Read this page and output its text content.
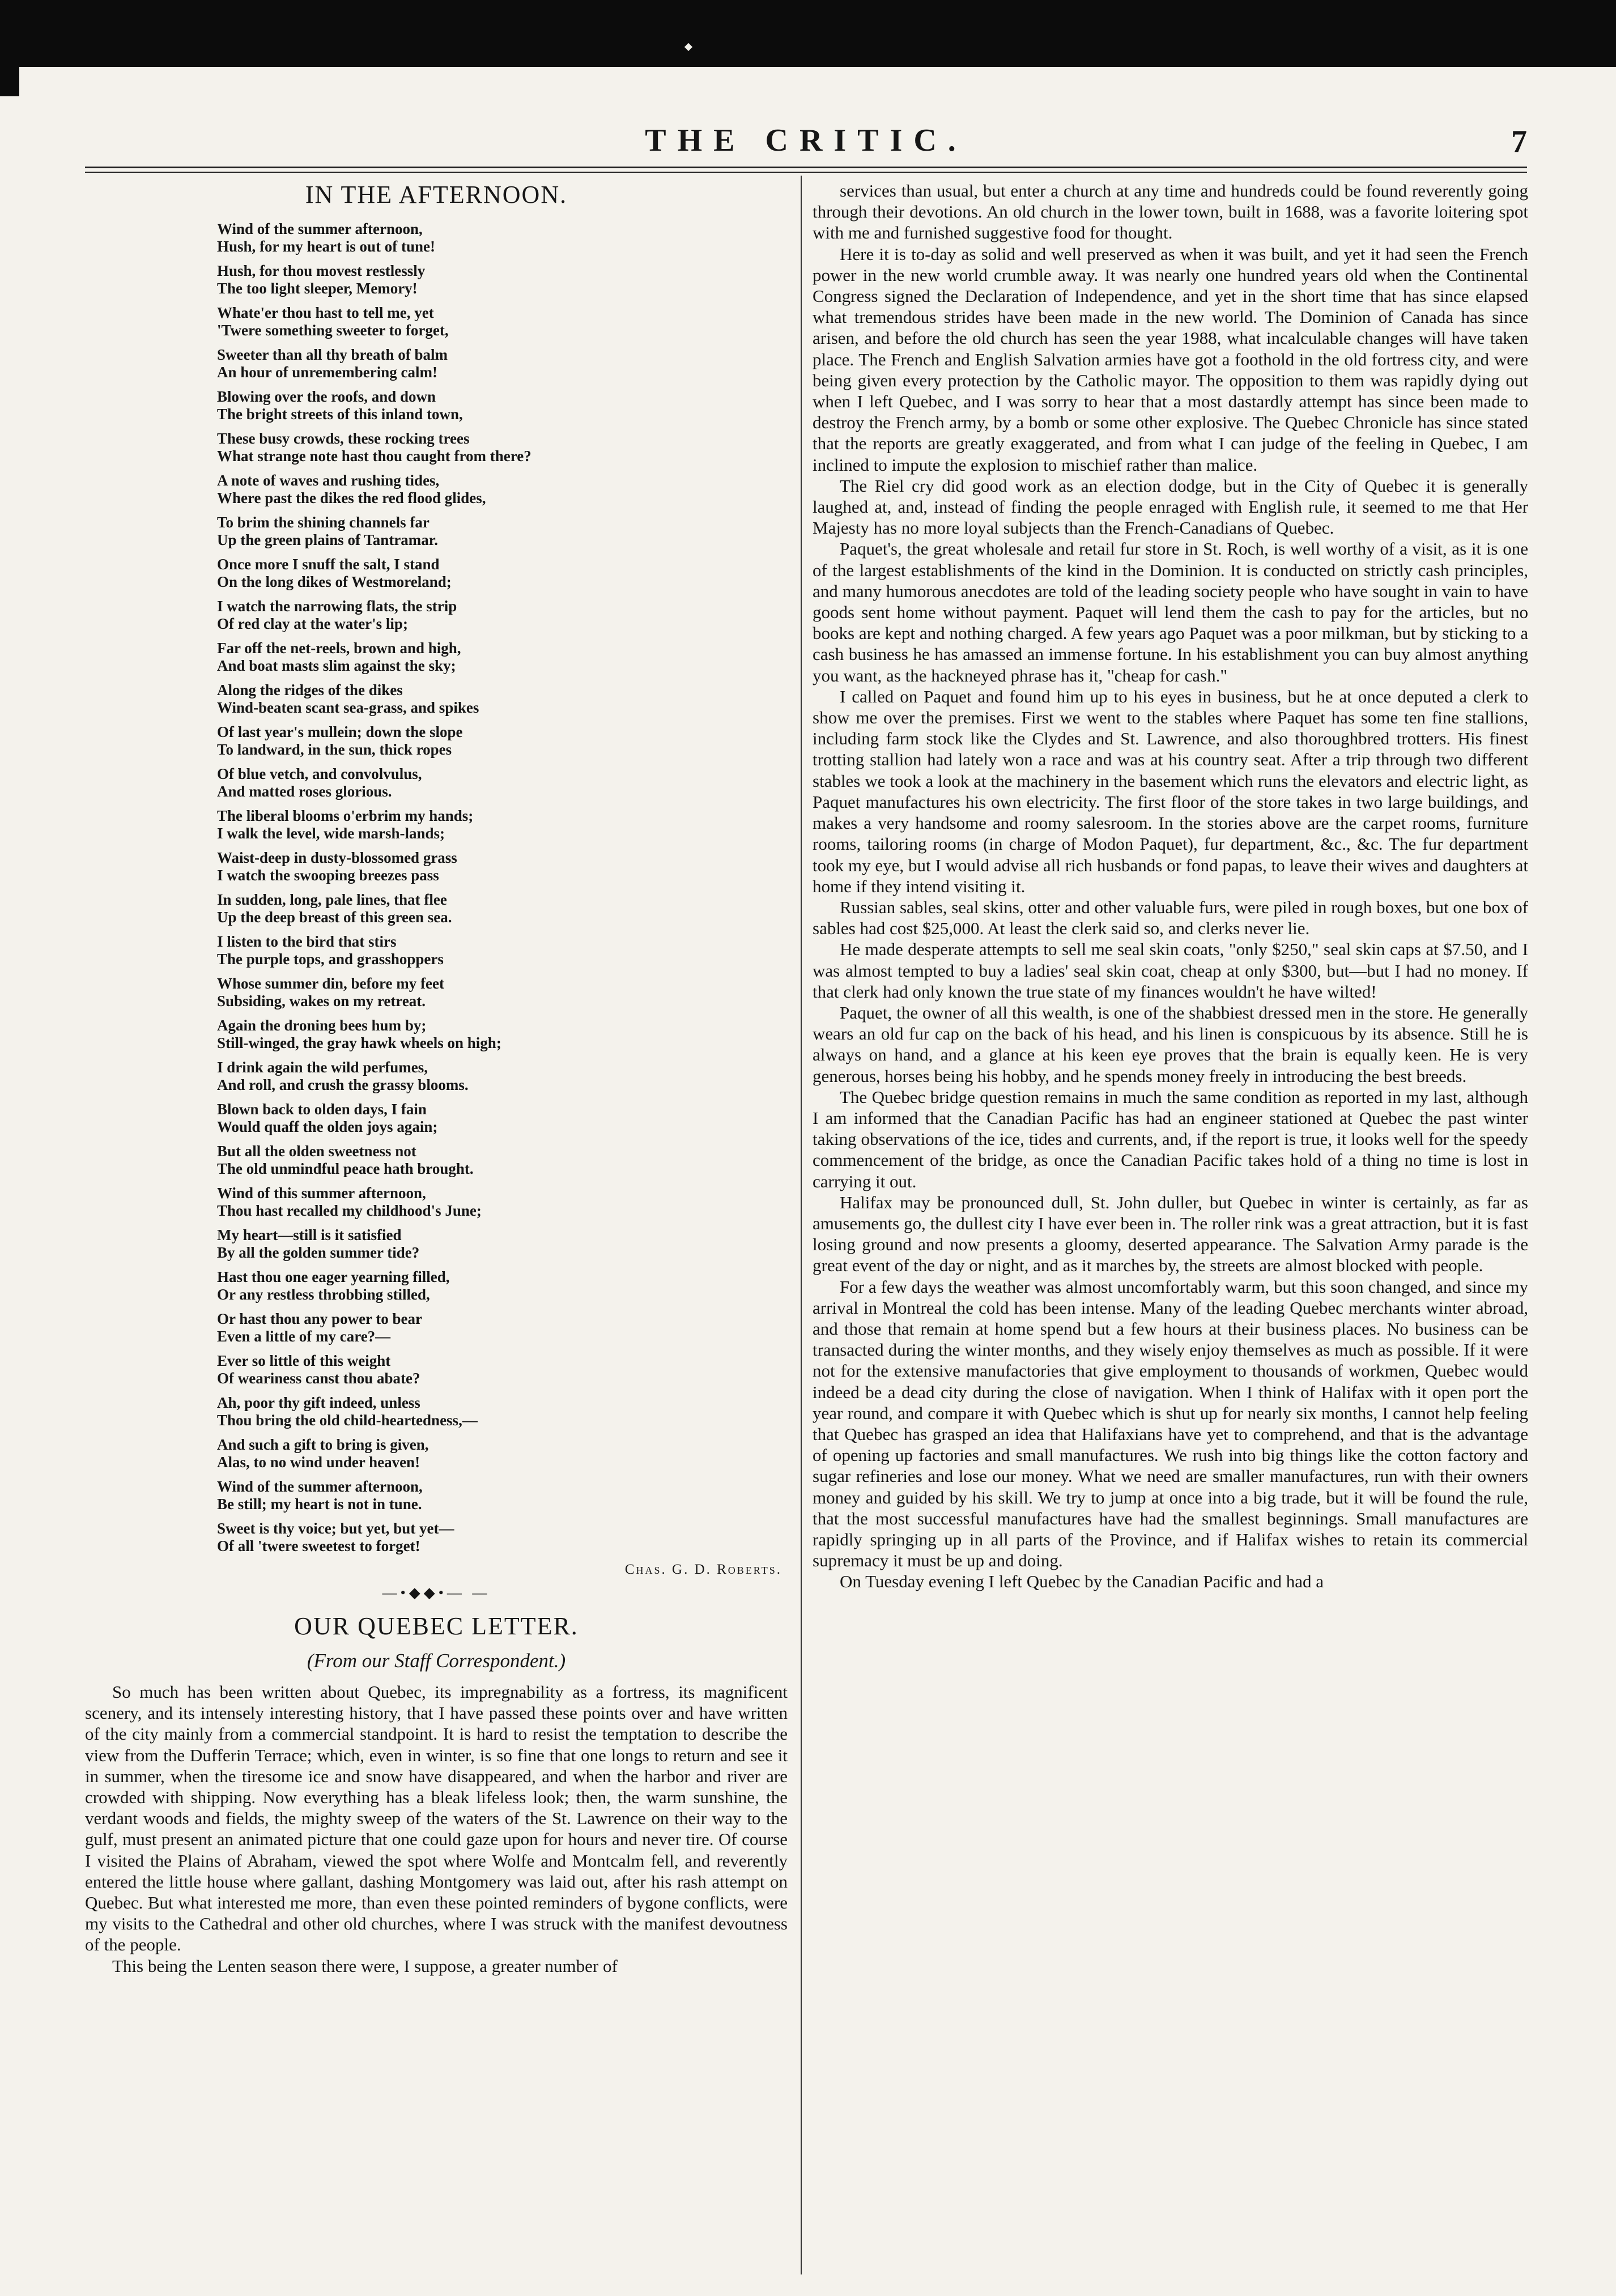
THE CRITIC.	7
IN THE AFTERNOON.
Wind of the summer afternoon,
Hush, for my heart is out of tune!
Hush, for thou movest restlessly
The too light sleeper, Memory!
Whate'er thou hast to tell me, yet
'Twere something sweeter to forget,
Sweeter than all thy breath of balm
An hour of unremembering calm!
Blowing over the roofs, and down
The bright streets of this inland town,
These busy crowds, these rocking trees
What strange note hast thou caught from there?
A note of waves and rushing tides,
Where past the dikes the red flood glides,
To brim the shining channels far
Up the green plains of Tantramar.
Once more I snuff the salt, I stand
On the long dikes of Westmoreland;
I watch the narrowing flats, the strip
Of red clay at the water's lip;
Far off the net-reels, brown and high,
And boat masts slim against the sky;
Along the ridges of the dikes
Wind-beaten scant sea-grass, and spikes
Of last year's mullein; down the slope
To landward, in the sun, thick ropes
Of blue vetch, and convolvulus,
And matted roses glorious.
The liberal blooms o'erbrim my hands;
I walk the level, wide marsh-lands;
Waist-deep in dusty-blossomed grass
I watch the swooping breezes pass
In sudden, long, pale lines, that flee
Up the deep breast of this green sea.
I listen to the bird that stirs
The purple tops, and grasshoppers
Whose summer din, before my feet
Subsiding, wakes on my retreat.
Again the droning bees hum by;
Still-winged, the gray hawk wheels on high;
I drink again the wild perfumes,
And roll, and crush the grassy blooms.
Blown back to olden days, I fain
Would quaff the olden joys again;
But all the olden sweetness not
The old unmindful peace hath brought.
Wind of this summer afternoon,
Thou hast recalled my childhood's June;
My heart—still is it satisfied
By all the golden summer tide?
Hast thou one eager yearning filled,
Or any restless throbbing stilled,
Or hast thou any power to bear
Even a little of my care?—
Ever so little of this weight
Of weariness canst thou abate?
Ah, poor thy gift indeed, unless
Thou bring the old child-heartedness,—
And such a gift to bring is given,
Alas, to no wind under heaven!
Wind of the summer afternoon,
Be still; my heart is not in tune.
Sweet is thy voice; but yet, but yet—
Of all 'twere sweetest to forget!
Chas. G. D. Roberts.
—•◆◆•— —
OUR QUEBEC LETTER.
(From our Staff Correspondent.)

So much has been written about Quebec, its impregnability as a fortress, its magnificent scenery, and its intensely interesting history, that I have passed these points over and have written of the city mainly from a commercial standpoint. It is hard to resist the temptation to describe the view from the Dufferin Terrace; which, even in winter, is so fine that one longs to return and see it in summer, when the tiresome ice and snow have disappeared, and when the harbor and river are crowded with shipping. Now everything has a bleak lifeless look; then, the warm sunshine, the verdant woods and fields, the mighty sweep of the waters of the St. Lawrence on their way to the gulf, must present an animated picture that one could gaze upon for hours and never tire. Of course I visited the Plains of Abraham, viewed the spot where Wolfe and Montcalm fell, and reverently entered the little house where gallant, dashing Montgomery was laid out, after his rash attempt on Quebec. But what interested me more, than even these pointed reminders of bygone conflicts, were my visits to the Cathedral and other old churches, where I was struck with the manifest devoutness of the people.

This being the Lenten season there were, I suppose, a greater number of

services than usual, but enter a church at any time and hundreds could be found reverently going through their devotions. An old church in the lower town, built in 1688, was a favorite loitering spot with me and furnished suggestive food for thought.

Here it is to-day as solid and well preserved as when it was built, and yet it had seen the French power in the new world crumble away. It was nearly one hundred years old when the Continental Congress signed the Declaration of Independence, and yet in the short time that has since elapsed what tremendous strides have been made in the new world. The Dominion of Canada has since arisen, and before the old church has seen the year 1988, what incalculable changes will have taken place. The French and English Salvation armies have got a foothold in the old fortress city, and were being given every protection by the Catholic mayor. The opposition to them was rapidly dying out when I left Quebec, and I was sorry to hear that a most dastardly attempt has since been made to destroy the French army, by a bomb or some other explosive. The Quebec Chronicle has since stated that the reports are greatly exaggerated, and from what I can judge of the feeling in Quebec, I am inclined to impute the explosion to mischief rather than malice.

The Riel cry did good work as an election dodge, but in the City of Quebec it is generally laughed at, and, instead of finding the people enraged with English rule, it seemed to me that Her Majesty has no more loyal subjects than the French-Canadians of Quebec.

Paquet's, the great wholesale and retail fur store in St. Roch, is well worthy of a visit, as it is one of the largest establishments of the kind in the Dominion. It is conducted on strictly cash principles, and many humorous anecdotes are told of the leading society people who have sought in vain to have goods sent home without payment. Paquet will lend them the cash to pay for the articles, but no books are kept and nothing charged. A few years ago Paquet was a poor milkman, but by sticking to a cash business he has amassed an immense fortune. In his establishment you can buy almost anything you want, as the hackneyed phrase has it, "cheap for cash."

I called on Paquet and found him up to his eyes in business, but he at once deputed a clerk to show me over the premises. First we went to the stables where Paquet has some ten fine stallions, including farm stock like the Clydes and St. Lawrence, and also thoroughbred trotters. His finest trotting stallion had lately won a race and was at his country seat. After a trip through two different stables we took a look at the machinery in the basement which runs the elevators and electric light, as Paquet manufactures his own electricity. The first floor of the store takes in two large buildings, and makes a very handsome and roomy salesroom. In the stories above are the carpet rooms, furniture rooms, tailoring rooms (in charge of Modon Paquet), fur department, &c., &c. The fur department took my eye, but I would advise all rich husbands or fond papas, to leave their wives and daughters at home if they intend visiting it.

Russian sables, seal skins, otter and other valuable furs, were piled in rough boxes, but one box of sables had cost $25,000. At least the clerk said so, and clerks never lie.

He made desperate attempts to sell me seal skin coats, "only $250," seal skin caps at $7.50, and I was almost tempted to buy a ladies' seal skin coat, cheap at only $300, but—but I had no money. If that clerk had only known the true state of my finances wouldn't he have wilted!

Paquet, the owner of all this wealth, is one of the shabbiest dressed men in the store. He generally wears an old fur cap on the back of his head, and his linen is conspicuous by its absence. Still he is always on hand, and a glance at his keen eye proves that the brain is equally keen. He is very generous, horses being his hobby, and he spends money freely in introducing the best breeds.

The Quebec bridge question remains in much the same condition as reported in my last, although I am informed that the Canadian Pacific has had an engineer stationed at Quebec the past winter taking observations of the ice, tides and currents, and, if the report is true, it looks well for the speedy commencement of the bridge, as once the Canadian Pacific takes hold of a thing no time is lost in carrying it out.

Halifax may be pronounced dull, St. John duller, but Quebec in winter is certainly, as far as amusements go, the dullest city I have ever been in. The roller rink was a great attraction, but it is fast losing ground and now presents a gloomy, deserted appearance. The Salvation Army parade is the great event of the day or night, and as it marches by, the streets are almost blocked with people.

For a few days the weather was almost uncomfortably warm, but this soon changed, and since my arrival in Montreal the cold has been intense. Many of the leading Quebec merchants winter abroad, and those that remain at home spend but a few hours at their business places. No business can be transacted during the winter months, and they wisely enjoy themselves as much as possible. If it were not for the extensive manufactories that give employment to thousands of workmen, Quebec would indeed be a dead city during the close of navigation. When I think of Halifax with it open port the year round, and compare it with Quebec which is shut up for nearly six months, I cannot help feeling that Quebec has grasped an idea that Halifaxians have yet to comprehend, and that is the advantage of opening up factories and small manufactures. We rush into big things like the cotton factory and sugar refineries and lose our money. What we need are smaller manufactures, run with their owners money and guided by his skill. We try to jump at once into a big trade, but it will be found the rule, that the most successful manufactures have had the smallest beginnings. Small manufactures are rapidly springing up in all parts of the Province, and if Halifax wishes to retain its commercial supremacy it must be up and doing.

On Tuesday evening I left Quebec by the Canadian Pacific and had a
